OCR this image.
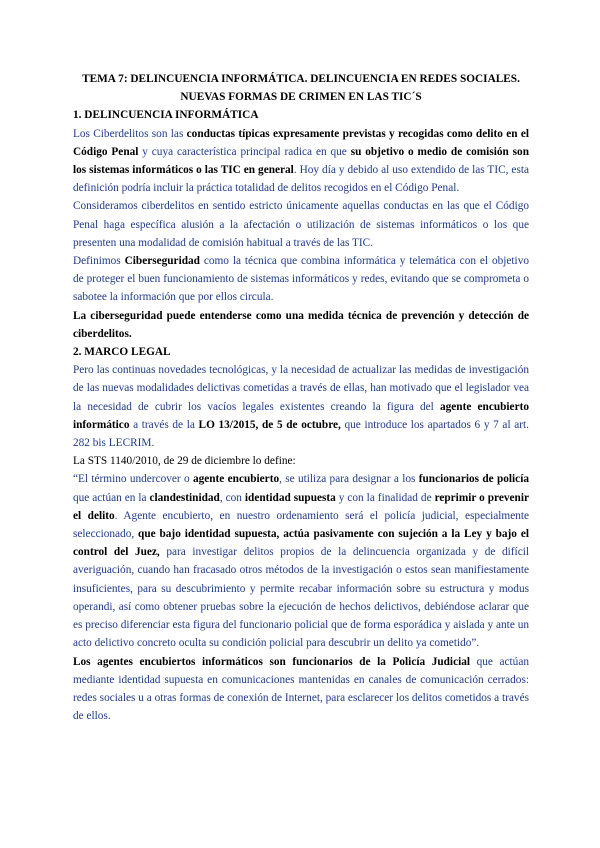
TEMA 7: DELINCUENCIA INFORMÁTICA. DELINCUENCIA EN REDES SOCIALES.

NUEVAS FORMAS DE CRIMEN EN LAS TIC´S

1. DELINCUENCIA INFORMÁTICA

Los Ciberdelitos son las conductas típicas expresamente previstas y recogidas como delito en el Código Penal y cuya característica principal radica en que su objetivo o medio de comisión son los sistemas informáticos o las TIC en general. Hoy día y debido al uso extendido de las TIC, esta definición podría incluir la práctica totalidad de delitos recogidos en el Código Penal.

Consideramos ciberdelitos en sentido estricto únicamente aquellas conductas en las que el Código Penal haga específica alusión a la afectación o utilización de sistemas informáticos o los que presenten una modalidad de comisión habitual a través de las TIC.

Definimos Ciberseguridad como la técnica que combina informática y telemática con el objetivo de proteger el buen funcionamiento de sistemas informáticos y redes, evitando que se comprometa o sabotee la información que por ellos circula.

La ciberseguridad puede entenderse como una medida técnica de prevención y detección de ciberdelitos.

2. MARCO LEGAL

Pero las continuas novedades tecnológicas, y la necesidad de actualizar las medidas de investigación de las nuevas modalidades delictivas cometidas a través de ellas, han motivado que el legislador vea la necesidad de cubrir los vacíos legales existentes creando la figura del agente encubierto informático a través de la LO 13/2015, de 5 de octubre, que introduce los apartados 6 y 7 al art. 282 bis LECRIM.

La STS 1140/2010, de 29 de diciembre lo define:

“El término undercover o agente encubierto, se utiliza para designar a los funcionarios de policía que actúan en la clandestinidad, con identidad supuesta y con la finalidad de reprimir o prevenir el delito. Agente encubierto, en nuestro ordenamiento será el policía judicial, especialmente seleccionado, que bajo identidad supuesta, actúa pasivamente con sujeción a la Ley y bajo el control del Juez, para investigar delitos propios de la delincuencia organizada y de difícil averiguación, cuando han fracasado otros métodos de la investigación o estos sean manifiestamente insuficientes, para su descubrimiento y permite recabar información sobre su estructura y modus operandi, así como obtener pruebas sobre la ejecución de hechos delictivos, debiéndose aclarar que es preciso diferenciar esta figura del funcionario policial que de forma esporádica y aislada y ante un acto delictivo concreto oculta su condición policial para descubrir un delito ya cometido”.

Los agentes encubiertos informáticos son funcionarios de la Policía Judicial que actúan mediante identidad supuesta en comunicaciones mantenidas en canales de comunicación cerrados: redes sociales u a otras formas de conexión de Internet, para esclarecer los delitos cometidos a través de ellos.
